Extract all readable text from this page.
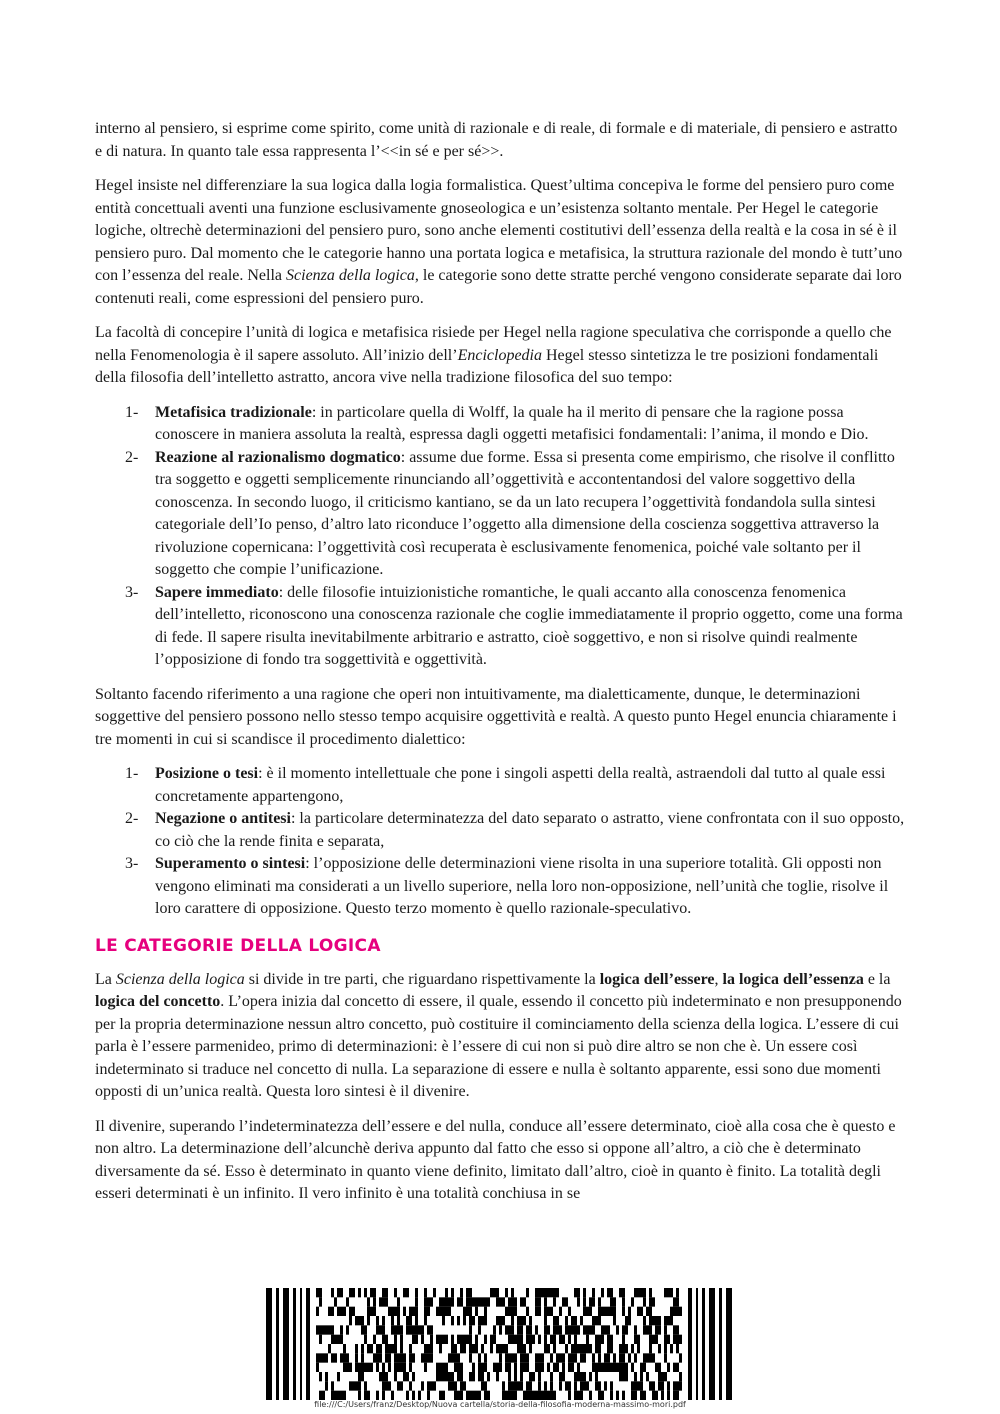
interno al pensiero, si esprime come spirito, come unità di razionale e di reale, di formale e di materiale, di pensiero e astratto e di natura. In quanto tale essa rappresenta l’<<in sé e per sé>>.

Hegel insiste nel differenziare la sua logica dalla logia formalistica. Quest’ultima concepiva le forme del pensiero puro come entità concettuali aventi una funzione esclusivamente gnoseologica e un’esistenza soltanto mentale. Per Hegel le categorie logiche, oltrechè determinazioni del pensiero puro, sono anche elementi costitutivi dell’essenza della realtà e la cosa in sé è il pensiero puro. Dal momento che le categorie hanno una portata logica e metafisica, la struttura razionale del mondo è tutt’uno con l’essenza del reale. Nella Scienza della logica, le categorie sono dette stratte perché vengono considerate separate dai loro contenuti reali, come espressioni del pensiero puro.

La facoltà di concepire l’unità di logica e metafisica risiede per Hegel nella ragione speculativa che corrisponde a quello che nella Fenomenologia è il sapere assoluto. All’inizio dell’Enciclopedia Hegel stesso sintetizza le tre posizioni fondamentali della filosofia dell’intelletto astratto, ancora vive nella tradizione filosofica del suo tempo:

1- Metafisica tradizionale: in particolare quella di Wolff, la quale ha il merito di pensare che la ragione possa conoscere in maniera assoluta la realtà, espressa dagli oggetti metafisici fondamentali: l’anima, il mondo e Dio.
2- Reazione al razionalismo dogmatico: assume due forme. Essa si presenta come empirismo, che risolve il conflitto tra soggetto e oggetti semplicemente rinunciando all’oggettività e accontentandosi del valore soggettivo della conoscenza. In secondo luogo, il criticismo kantiano, se da un lato recupera l’oggettività fondandola sulla sintesi categoriale dell’Io penso, d’altro lato riconduce l’oggetto alla dimensione della coscienza soggettiva attraverso la rivoluzione copernicana: l’oggettività così recuperata è esclusivamente fenomenica, poiché vale soltanto per il soggetto che compie l’unificazione.
3- Sapere immediato: delle filosofie intuizionistiche romantiche, le quali accanto alla conoscenza fenomenica dell’intelletto, riconoscono una conoscenza razionale che coglie immediatamente il proprio oggetto, come una forma di fede. Il sapere risulta inevitabilmente arbitrario e astratto, cioè soggettivo, e non si risolve quindi realmente l’opposizione di fondo tra soggettività e oggettività.

Soltanto facendo riferimento a una ragione che operi non intuitivamente, ma dialetticamente, dunque, le determinazioni soggettive del pensiero possono nello stesso tempo acquisire oggettività e realtà. A questo punto Hegel enuncia chiaramente i tre momenti in cui si scandisce il procedimento dialettico:

1- Posizione o tesi: è il momento intellettuale che pone i singoli aspetti della realtà, astraendoli dal tutto al quale essi concretamente appartengono,
2- Negazione o antitesi: la particolare determinatezza del dato separato o astratto, viene confrontata con il suo opposto, co ciò che la rende finita e separata,
3- Superamento o sintesi: l’opposizione delle determinazioni viene risolta in una superiore totalità. Gli opposti non vengono eliminati ma considerati a un livello superiore, nella loro non-opposizione, nell’unità che toglie, risolve il loro carattere di opposizione. Questo terzo momento è quello razionale-speculativo.
LE CATEGORIE DELLA LOGICA

La Scienza della logica si divide in tre parti, che riguardano rispettivamente la logica dell’essere, la logica dell’essenza e la logica del concetto. L’opera inizia dal concetto di essere, il quale, essendo il concetto più indeterminato e non presupponendo per la propria determinazione nessun altro concetto, può costituire il cominciamento della scienza della logica. L’essere di cui parla è l’essere parmenideo, primo di determinazioni: è l’essere di cui non si può dire altro se non che è. Un essere così indeterminato si traduce nel concetto di nulla. La separazione di essere e nulla è soltanto apparente, essi sono due momenti opposti di un’unica realtà. Questa loro sintesi è il divenire.

Il divenire, superando l’indeterminatezza dell’essere e del nulla, conduce all’essere determinato, cioè alla cosa che è questo e non altro. La determinazione dell’alcunchè deriva appunto dal fatto che esso si oppone all’altro, a ciò che è determinato diversamente da sé. Esso è determinato in quanto viene definito, limitato dall’altro, cioè in quanto è finito. La totalità degli esseri determinati è un infinito. Il vero infinito è una totalità conchiusa in se

file:///C:/Users/franz/Desktop/Nuova cartella/storia-della-filosofia-moderna-massimo-mori.pdf
